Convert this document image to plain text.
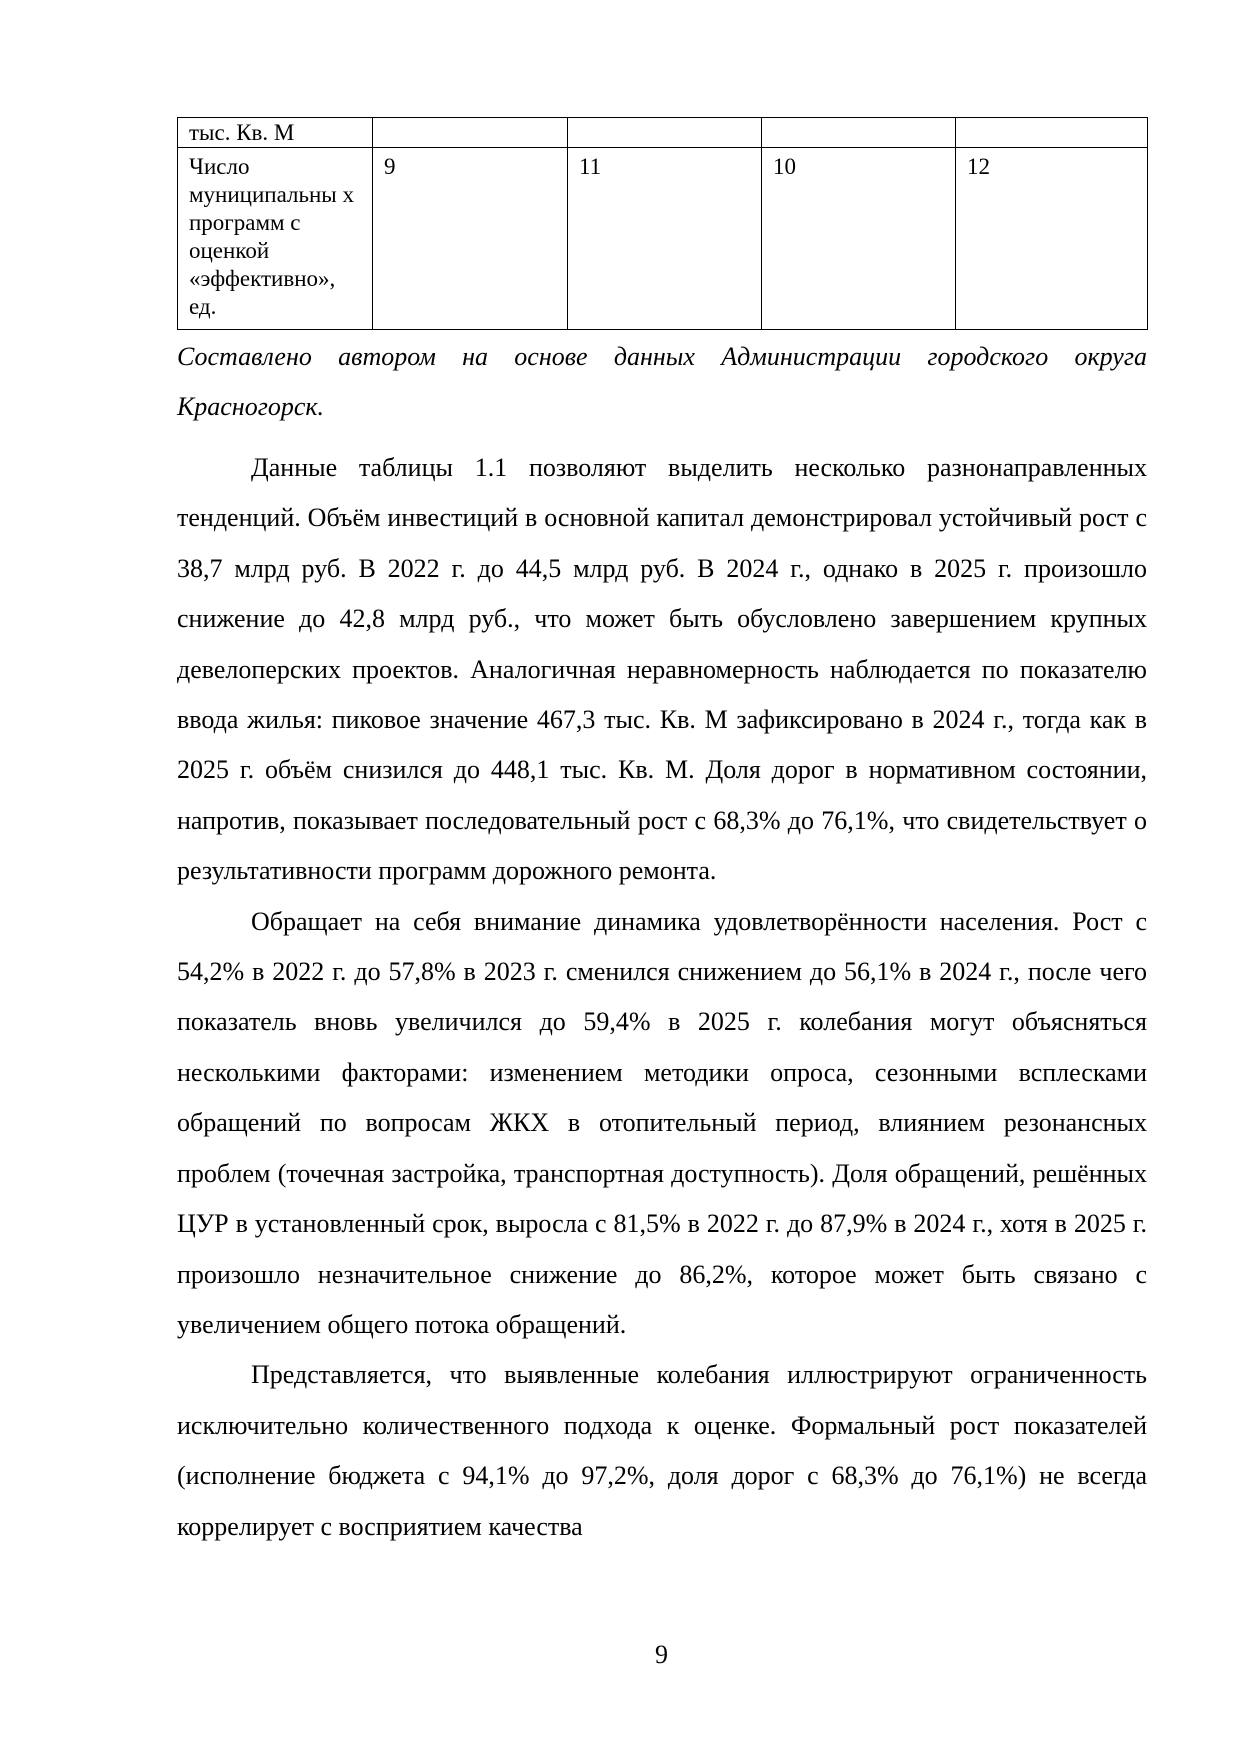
тыс. Кв. М				
Число муниципальны х программ с оценкой «эффективно», ед.	9	11	10	12
Составлено автором на основе данных Администрации городского округа Красногорск.

Данные таблицы 1.1 позволяют выделить несколько разнонаправленных тенденций. Объём инвестиций в основной капитал демонстрировал устойчивый рост с 38,7 млрд руб. В 2022 г. до 44,5 млрд руб. В 2024 г., однако в 2025 г. произошло снижение до 42,8 млрд руб., что может быть обусловлено завершением крупных девелоперских проектов. Аналогичная неравномерность наблюдается по показателю ввода жилья: пиковое значение 467,3 тыс. Кв. М зафиксировано в 2024 г., тогда как в 2025 г. объём снизился до 448,1 тыс. Кв. М. Доля дорог в нормативном состоянии, напротив, показывает последовательный рост с 68,3% до 76,1%, что свидетельствует о результативности программ дорожного ремонта.

Обращает на себя внимание динамика удовлетворённости населения. Рост с 54,2% в 2022 г. до 57,8% в 2023 г. сменился снижением до 56,1% в 2024 г., после чего показатель вновь увеличился до 59,4% в 2025 г. колебания могут объясняться несколькими факторами: изменением методики опроса, сезонными всплесками обращений по вопросам ЖКХ в отопительный период, влиянием резонансных проблем (точечная застройка, транспортная доступность). Доля обращений, решённых ЦУР в установленный срок, выросла с 81,5% в 2022 г. до 87,9% в 2024 г., хотя в 2025 г. произошло незначительное снижение до 86,2%, которое может быть связано с увеличением общего потока обращений.

Представляется, что выявленные колебания иллюстрируют ограниченность исключительно количественного подхода к оценке. Формальный рост показателей (исполнение бюджета с 94,1% до 97,2%, доля дорог с 68,3% до 76,1%) не всегда коррелирует с восприятием качества

9
